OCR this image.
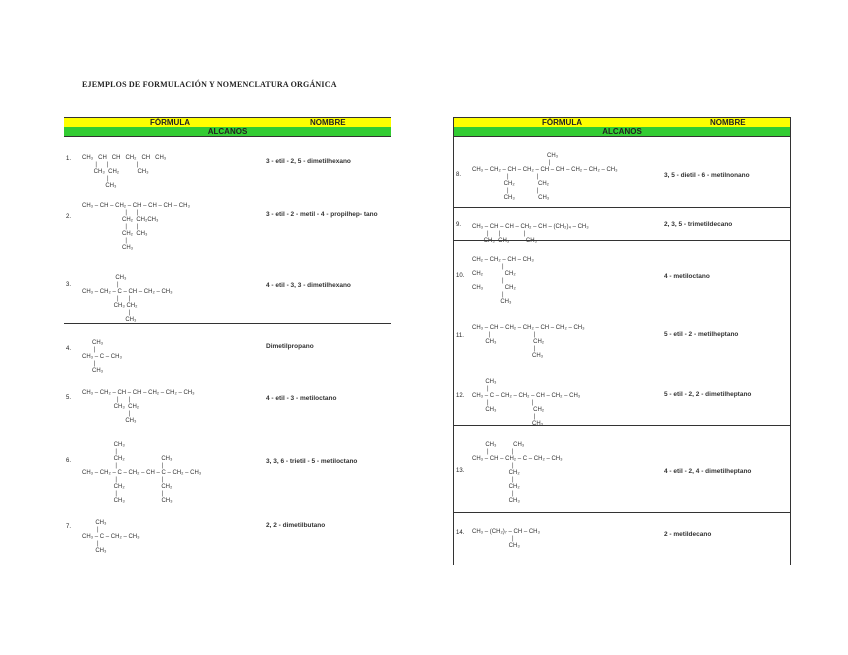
EJEMPLOS DE FORMULACIÓN Y NOMENCLATURA ORGÁNICA
FÓRMULA	NOMBRE
ALCANOS
1.

CH₃   CH   CH   CH₂   CH   CH₃
|      |                 |
CH₃  CH₂           CH₃
|
CH₃

3 - etil - 2, 5 - dimetilhexano
2.

CH₃ – CH – CH₂ – CH – CH – CH – CH₃
|      |
CH₂  CH₂CH₃
|      |
CH₂  CH₃
|
CH₃

3 - etil - 2 - metil - 4 - propilhep- tano
3.

CH₃
|
CH₃ – CH₂ – C – CH – CH₂ – CH₃
|      |
CH₃ CH₂
|
CH₃

4 - etil - 3, 3 - dimetilhexano
4.

CH₃
|
CH₃ – C – CH₃
|
CH₃

Dimetilpropano
5.

CH₃ – CH₂ – CH – CH – CH₂ – CH₂ – CH₃
|      |
CH₃  CH₂
|
CH₃

4 - etil - 3 - metiloctano
6.

CH₃
|
CH₂                      CH₃
|                           |
CH₃ – CH₂ – C – CH₂ – CH – C – CH₂ – CH₃
|                           |
CH₂                      CH₂
|                           |
CH₃                      CH₃

3, 3, 6 - trietil - 5 - metiloctano
7.

CH₃
|
CH₃ – C – CH₂ – CH₃
|
CH₃

2, 2 - dimetilbutano
FÓRMULA	NOMBRE
ALCANOS
8.

CH₃
|
CH₃ – CH₂ – CH – CH₂ – CH – CH – CH₂ – CH₂ – CH₃
|                 |
CH₂              CH₂
|                 |
CH₃              CH₃

3, 5 - dietil - 6 - metilnonano
9.

CH₃ – CH – CH – CH₂ – CH – (CH₂)₄ – CH₃
|      |              |
CH₃  CH₃          CH₃

2, 3, 5 - trimetildecano
10.

CH₂ – CH₂ – CH – CH₃
|
CH₂             CH₂
|
CH₃             CH₂
|
CH₃

4 - metiloctano
11.

CH₃ – CH – CH₂ – CH₂ – CH – CH₂ – CH₃
|                          |
CH₃                      CH₂
|
CH₃

5 - etil - 2 - metilheptano
12.

CH₃
|
CH₃ – C – CH₂ – CH₂ – CH – CH₂ – CH₃
|                          |
CH₃                      CH₂
|
CH₃

5 - etil - 2, 2 - dimetilheptano
13.

CH₃          CH₃
|              |
CH₃ – CH – CH₂ – C – CH₂ – CH₃
|
CH₂
|
CH₂
|
CH₃

4 - etil - 2, 4 - dimetilheptano
14.

CH₃ – (CH₂)₇ – CH – CH₃
|
CH₃

2 - metildecano
